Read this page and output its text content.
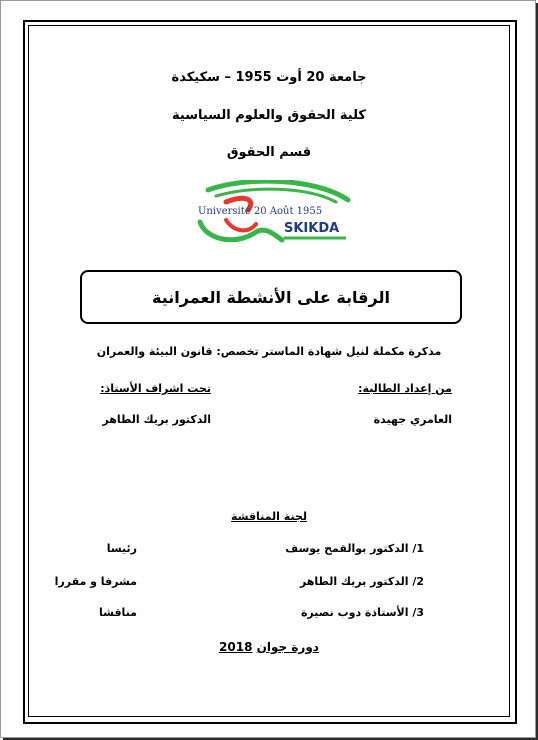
جامعة 20 أوت 1955 – سكيكدة
كلية الحقوق والعلوم السياسية
قسم الحقوق
Université 20 Août 1955
SKIKDA
الرقابة على الأنشطة العمرانية
مذكرة مكملة لنيل شهادة الماستر تخصص: قانون البيئة والعمران
من إعداد الطالبة:
تحت اشراف الأستاذ:
العامري جهيدة
الدكتور بريك الطاهر
لجنة المناقشة
1/ الدكتور بوالقمح يوسف
رئيسا
2/ الدكتور بريك الطاهر
مشرفا و مقررا
3/ الأستاذة دوب نصيرة
مناقشا
دورة جوان 2018
